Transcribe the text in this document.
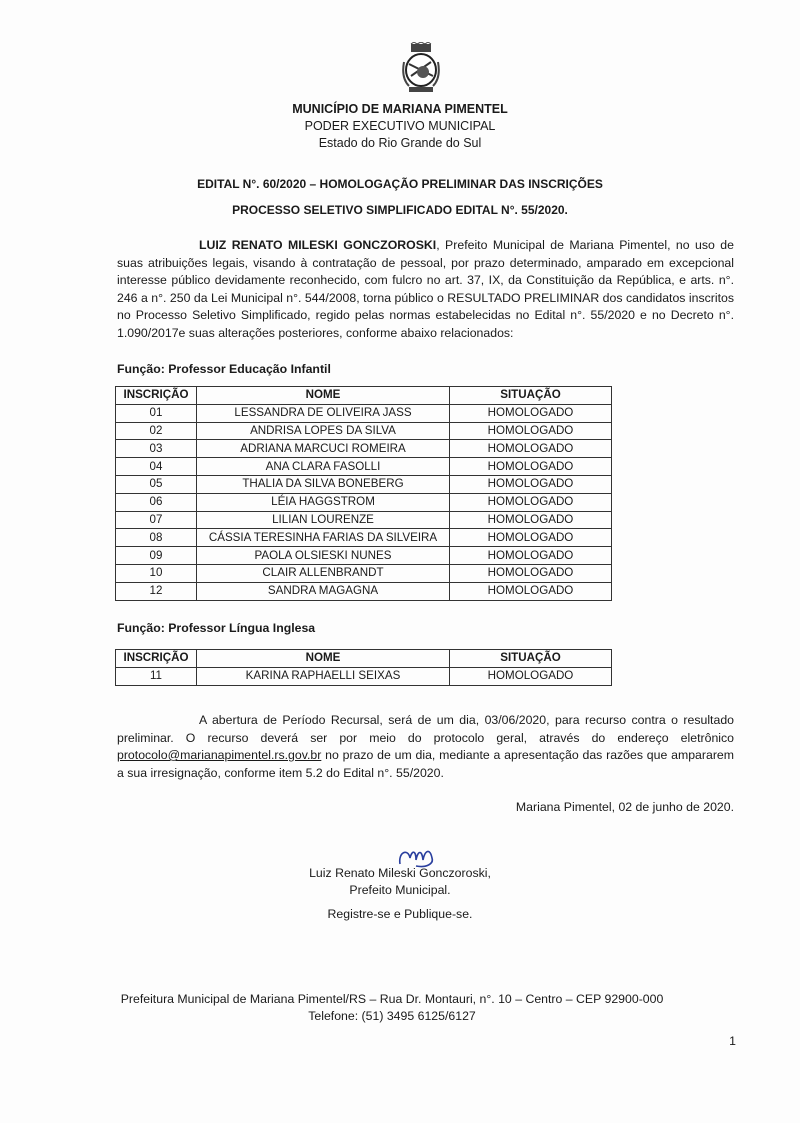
MUNICÍPIO DE MARIANA PIMENTEL
PODER EXECUTIVO MUNICIPAL
Estado do Rio Grande do Sul
EDITAL N°. 60/2020 – HOMOLOGAÇÃO PRELIMINAR DAS INSCRIÇÕES
PROCESSO SELETIVO SIMPLIFICADO EDITAL N°. 55/2020.
LUIZ RENATO MILESKI GONCZOROSKI, Prefeito Municipal de Mariana Pimentel, no uso de suas atribuições legais, visando à contratação de pessoal, por prazo determinado, amparado em excepcional interesse público devidamente reconhecido, com fulcro no art. 37, IX, da Constituição da República, e arts. n°. 246 a n°. 250 da Lei Municipal n°. 544/2008, torna público o RESULTADO PRELIMINAR dos candidatos inscritos no Processo Seletivo Simplificado, regido pelas normas estabelecidas no Edital n°. 55/2020 e no Decreto n°. 1.090/2017e suas alterações posteriores, conforme abaixo relacionados:
Função: Professor Educação Infantil
INSCRIÇÃO	NOME	SITUAÇÃO
01	LESSANDRA DE OLIVEIRA JASS	HOMOLOGADO
02	ANDRISA LOPES DA SILVA	HOMOLOGADO
03	ADRIANA MARCUCI ROMEIRA	HOMOLOGADO
04	ANA CLARA FASOLLI	HOMOLOGADO
05	THALIA DA SILVA BONEBERG	HOMOLOGADO
06	LÉIA HAGGSTROM	HOMOLOGADO
07	LILIAN LOURENZE	HOMOLOGADO
08	CÁSSIA TERESINHA FARIAS DA SILVEIRA	HOMOLOGADO
09	PAOLA OLSIESKI NUNES	HOMOLOGADO
10	CLAIR ALLENBRANDT	HOMOLOGADO
12	SANDRA MAGAGNA	HOMOLOGADO
Função: Professor Língua Inglesa
INSCRIÇÃO	NOME	SITUAÇÃO
11	KARINA RAPHAELLI SEIXAS	HOMOLOGADO
A abertura de Período Recursal, será de um dia, 03/06/2020, para recurso contra o resultado preliminar. O recurso deverá ser por meio do protocolo geral, através do endereço eletrônico protocolo@marianapimentel.rs.gov.br no prazo de um dia, mediante a apresentação das razões que ampararem a sua irresignação, conforme item 5.2 do Edital n°. 55/2020.
Mariana Pimentel, 02 de junho de 2020.
Luiz Renato Mileski Gonczoroski,
Prefeito Municipal.
Registre-se e Publique-se.
Prefeitura Municipal de Mariana Pimentel/RS – Rua Dr. Montauri, n°. 10 – Centro – CEP 92900-000
Telefone: (51) 3495 6125/6127
1
